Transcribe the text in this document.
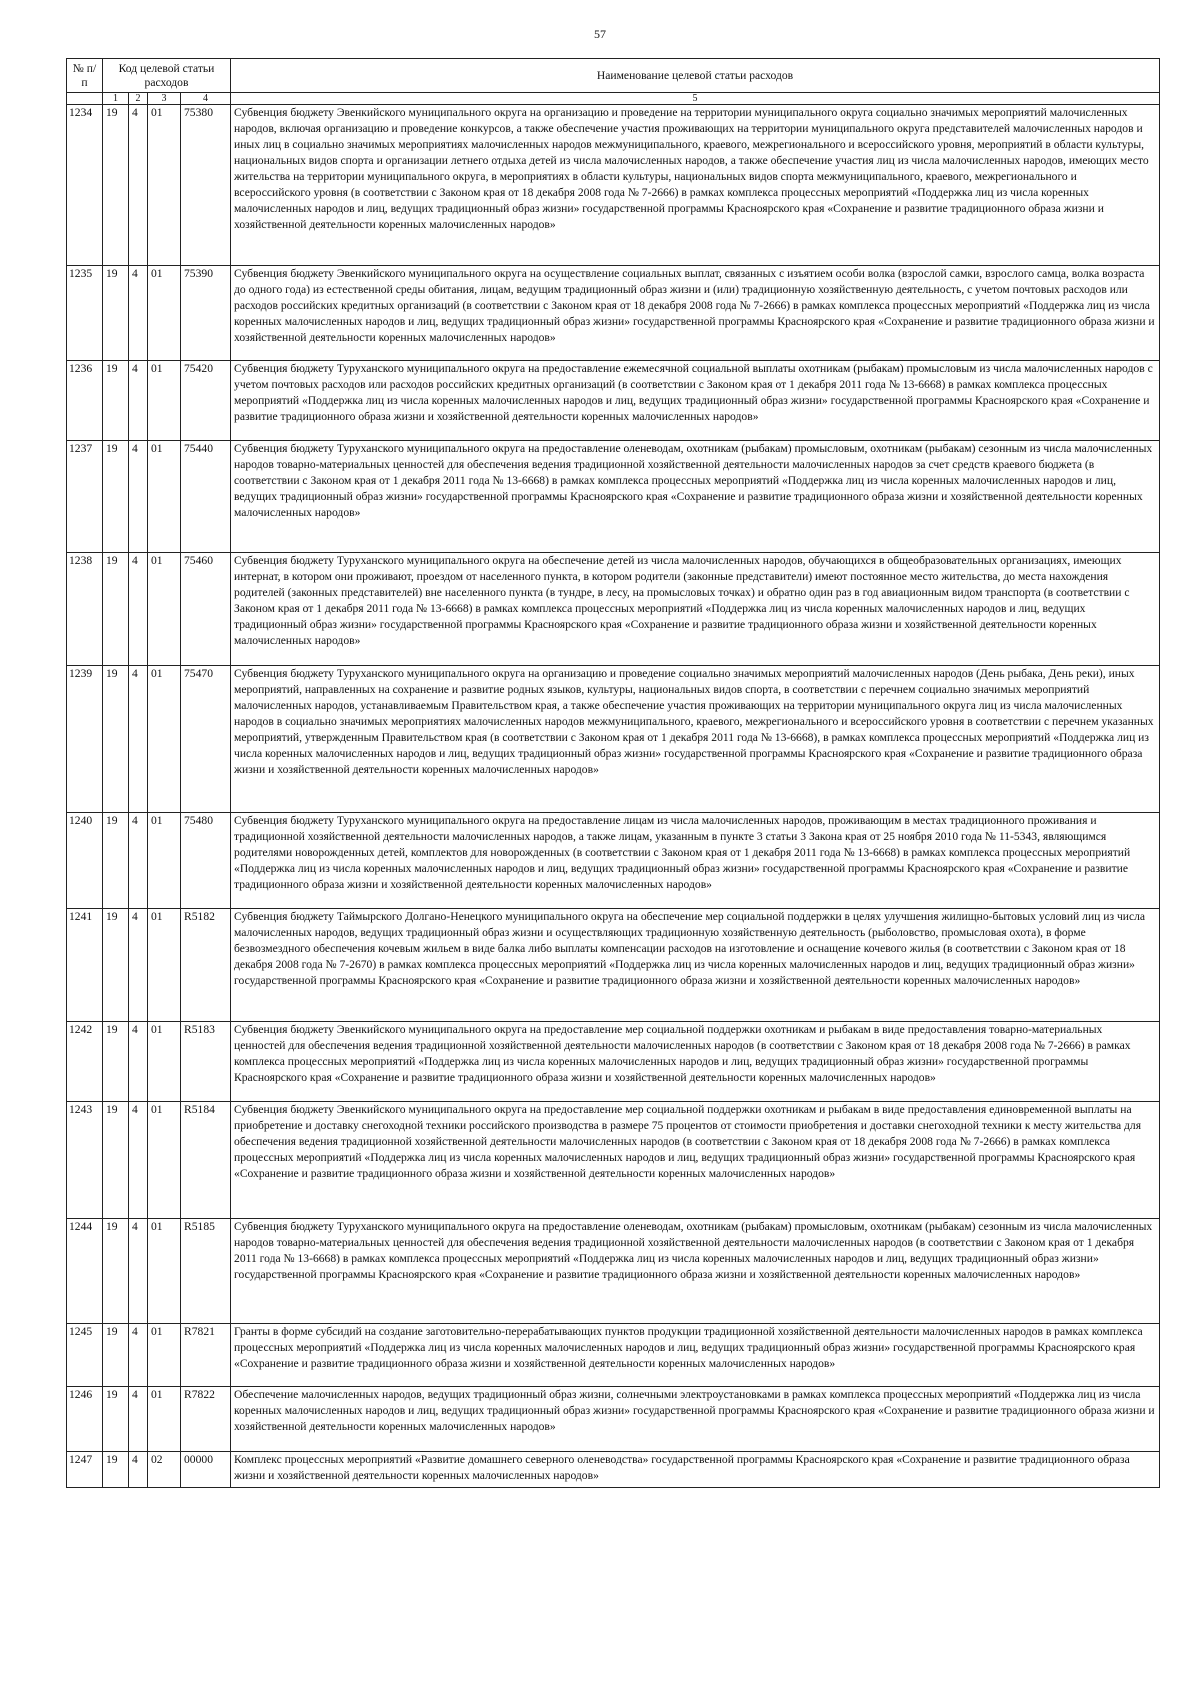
57
№ п/п	Код целевой статьи расходов				Наименование целевой статьи расходов

	1	2	3	4	5
1234	19	4	01	75380	Субвенция бюджету Эвенкийского муниципального округа на организацию и проведение на территории муниципального округа социально значимых мероприятий малочисленных народов, включая организацию и проведение конкурсов, а также обеспечение участия проживающих на территории муниципального округа представителей малочисленных народов и иных лиц в социально значимых мероприятиях малочисленных народов межмуниципального, краевого, межрегионального и всероссийского уровня, мероприятий в области культуры, национальных видов спорта и организации летнего отдыха детей из числа малочисленных народов, а также обеспечение участия лиц из числа малочисленных народов, имеющих место жительства на территории муниципального округа, в мероприятиях в области культуры, национальных видов спорта межмуниципального, краевого, межрегионального и всероссийского уровня (в соответствии с Законом края от 18 декабря 2008 года № 7-2666) в рамках комплекса процессных мероприятий «Поддержка лиц из числа коренных малочисленных народов и лиц, ведущих традиционный образ жизни» государственной программы Красноярского края «Сохранение и развитие традиционного образа жизни и хозяйственной деятельности коренных малочисленных народов»
1235	19	4	01	75390	Субвенция бюджету Эвенкийского муниципального округа на осуществление социальных выплат, связанных с изъятием особи волка (взрослой самки, взрослого самца, волка возраста до одного года) из естественной среды обитания, лицам, ведущим традиционный образ жизни и (или) традиционную хозяйственную деятельность, с учетом почтовых расходов или расходов российских кредитных организаций (в соответствии с Законом края от 18 декабря 2008 года № 7-2666) в рамках комплекса процессных мероприятий «Поддержка лиц из числа коренных малочисленных народов и лиц, ведущих традиционный образ жизни» государственной программы Красноярского края «Сохранение и развитие традиционного образа жизни и хозяйственной деятельности коренных малочисленных народов»
1236	19	4	01	75420	Субвенция бюджету Туруханского муниципального округа на предоставление ежемесячной социальной выплаты охотникам (рыбакам) промысловым из числа малочисленных народов с учетом почтовых расходов или расходов российских кредитных организаций (в соответствии с Законом края от 1 декабря 2011 года № 13-6668) в рамках комплекса процессных мероприятий «Поддержка лиц из числа коренных малочисленных народов и лиц, ведущих традиционный образ жизни» государственной программы Красноярского края «Сохранение и развитие традиционного образа жизни и хозяйственной деятельности коренных малочисленных народов»
1237	19	4	01	75440	Субвенция бюджету Туруханского муниципального округа на предоставление оленеводам, охотникам (рыбакам) промысловым, охотникам (рыбакам) сезонным из числа малочисленных народов товарно-материальных ценностей для обеспечения ведения традиционной хозяйственной деятельности малочисленных народов за счет средств краевого бюджета (в соответствии с Законом края от 1 декабря 2011 года № 13-6668) в рамках комплекса процессных мероприятий «Поддержка лиц из числа коренных малочисленных народов и лиц, ведущих традиционный образ жизни» государственной программы Красноярского края «Сохранение и развитие традиционного образа жизни и хозяйственной деятельности коренных малочисленных народов»
1238	19	4	01	75460	Субвенция бюджету Туруханского муниципального округа на обеспечение детей из числа малочисленных народов, обучающихся в общеобразовательных организациях, имеющих интернат, в котором они проживают, проездом от населенного пункта, в котором родители (законные представители) имеют постоянное место жительства, до места нахождения родителей (законных представителей) вне населенного пункта (в тундре, в лесу, на промысловых точках) и обратно один раз в год авиационным видом транспорта (в соответствии с Законом края от 1 декабря 2011 года № 13-6668) в рамках комплекса процессных мероприятий «Поддержка лиц из числа коренных малочисленных народов и лиц, ведущих традиционный образ жизни» государственной программы Красноярского края «Сохранение и развитие традиционного образа жизни и хозяйственной деятельности коренных малочисленных народов»
1239	19	4	01	75470	Субвенция бюджету Туруханского муниципального округа на организацию и проведение социально значимых мероприятий малочисленных народов (День рыбака, День реки), иных мероприятий, направленных на сохранение и развитие родных языков, культуры, национальных видов спорта, в соответствии с перечнем социально значимых мероприятий малочисленных народов, устанавливаемым Правительством края, а также обеспечение участия проживающих на территории муниципального округа лиц из числа малочисленных народов в социально значимых мероприятиях малочисленных народов межмуниципального, краевого, межрегионального и всероссийского уровня в соответствии с перечнем указанных мероприятий, утвержденным Правительством края (в соответствии с Законом края от 1 декабря 2011 года № 13-6668), в рамках комплекса процессных мероприятий «Поддержка лиц из числа коренных малочисленных народов и лиц, ведущих традиционный образ жизни» государственной программы Красноярского края «Сохранение и развитие традиционного образа жизни и хозяйственной деятельности коренных малочисленных народов»
1240	19	4	01	75480	Субвенция бюджету Туруханского муниципального округа на предоставление лицам из числа малочисленных народов, проживающим в местах традиционного проживания и традиционной хозяйственной деятельности малочисленных народов, а также лицам, указанным в пункте 3 статьи 3 Закона края от 25 ноября 2010 года № 11-5343, являющимся родителями новорожденных детей, комплектов для новорожденных (в соответствии с Законом края от 1 декабря 2011 года № 13-6668) в рамках комплекса процессных мероприятий «Поддержка лиц из числа коренных малочисленных народов и лиц, ведущих традиционный образ жизни» государственной программы Красноярского края «Сохранение и развитие традиционного образа жизни и хозяйственной деятельности коренных малочисленных народов»
1241	19	4	01	R5182	Субвенция бюджету Таймырского Долгано-Ненецкого муниципального округа на обеспечение мер социальной поддержки в целях улучшения жилищно-бытовых условий лиц из числа малочисленных народов, ведущих традиционный образ жизни и осуществляющих традиционную хозяйственную деятельность (рыболовство, промысловая охота), в форме безвозмездного обеспечения кочевым жильем в виде балка либо выплаты компенсации расходов на изготовление и оснащение кочевого жилья (в соответствии с Законом края от 18 декабря 2008 года № 7-2670) в рамках комплекса процессных мероприятий «Поддержка лиц из числа коренных малочисленных народов и лиц, ведущих традиционный образ жизни» государственной программы Красноярского края «Сохранение и развитие традиционного образа жизни и хозяйственной деятельности коренных малочисленных народов»
1242	19	4	01	R5183	Субвенция бюджету Эвенкийского муниципального округа на предоставление мер социальной поддержки охотникам и рыбакам в виде предоставления товарно-материальных ценностей для обеспечения ведения традиционной хозяйственной деятельности малочисленных народов (в соответствии с Законом края от 18 декабря 2008 года № 7-2666) в рамках комплекса процессных мероприятий «Поддержка лиц из числа коренных малочисленных народов и лиц, ведущих традиционный образ жизни» государственной программы Красноярского края «Сохранение и развитие традиционного образа жизни и хозяйственной деятельности коренных малочисленных народов»
1243	19	4	01	R5184	Субвенция бюджету Эвенкийского муниципального округа на предоставление мер социальной поддержки охотникам и рыбакам в виде предоставления единовременной выплаты на приобретение и доставку снегоходной техники российского производства в размере 75 процентов от стоимости приобретения и доставки снегоходной техники к месту жительства для обеспечения ведения традиционной хозяйственной деятельности малочисленных народов (в соответствии с Законом края от 18 декабря 2008 года № 7-2666) в рамках комплекса процессных мероприятий «Поддержка лиц из числа коренных малочисленных народов и лиц, ведущих традиционный образ жизни» государственной программы Красноярского края «Сохранение и развитие традиционного образа жизни и хозяйственной деятельности коренных малочисленных народов»
1244	19	4	01	R5185	Субвенция бюджету Туруханского муниципального округа на предоставление оленеводам, охотникам (рыбакам) промысловым, охотникам (рыбакам) сезонным из числа малочисленных народов товарно-материальных ценностей для обеспечения ведения традиционной хозяйственной деятельности малочисленных народов (в соответствии с Законом края от 1 декабря 2011 года № 13-6668) в рамках комплекса процессных мероприятий «Поддержка лиц из числа коренных малочисленных народов и лиц, ведущих традиционный образ жизни» государственной программы Красноярского края «Сохранение и развитие традиционного образа жизни и хозяйственной деятельности коренных малочисленных народов»
1245	19	4	01	R7821	Гранты в форме субсидий на создание заготовительно-перерабатывающих пунктов продукции традиционной хозяйственной деятельности малочисленных народов в рамках комплекса процессных мероприятий «Поддержка лиц из числа коренных малочисленных народов и лиц, ведущих традиционный образ жизни» государственной программы Красноярского края «Сохранение и развитие традиционного образа жизни и хозяйственной деятельности коренных малочисленных народов»
1246	19	4	01	R7822	Обеспечение малочисленных народов, ведущих традиционный образ жизни, солнечными электроустановками в рамках комплекса процессных мероприятий «Поддержка лиц из числа коренных малочисленных народов и лиц, ведущих традиционный образ жизни» государственной программы Красноярского края «Сохранение и развитие традиционного образа жизни и хозяйственной деятельности коренных малочисленных народов»
1247	19	4	02	00000	Комплекс процессных мероприятий «Развитие домашнего северного оленеводства» государственной программы Красноярского края «Сохранение и развитие традиционного образа жизни и хозяйственной деятельности коренных малочисленных народов»
